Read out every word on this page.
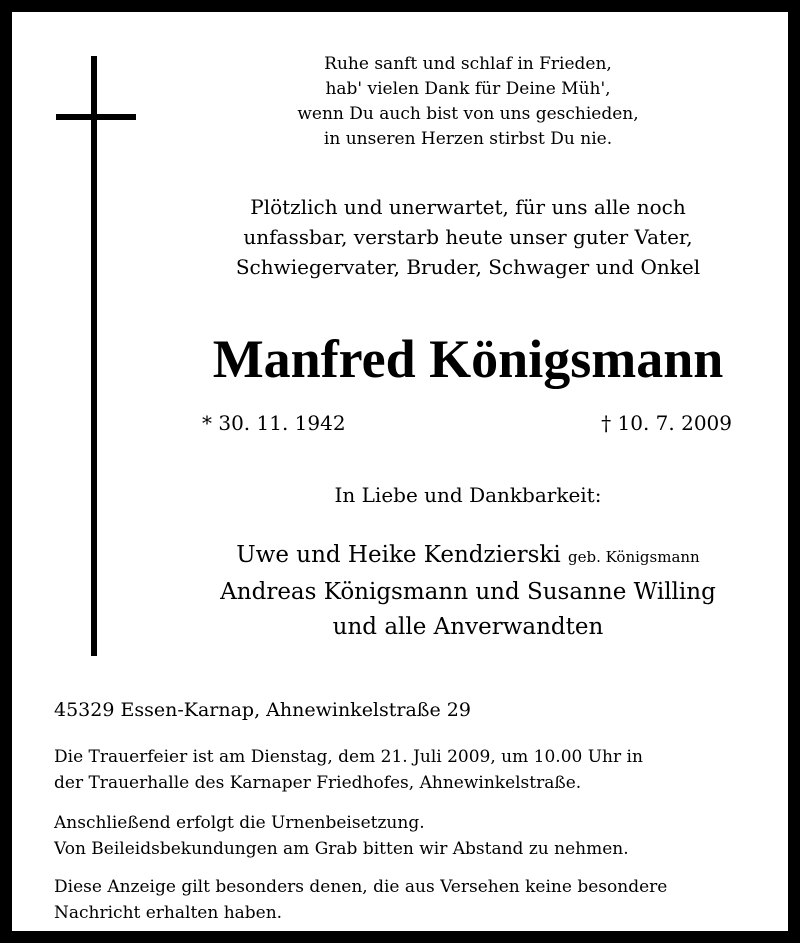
Ruhe sanft und schlaf in Frieden,
hab' vielen Dank für Deine Müh',
wenn Du auch bist von uns geschieden,
in unseren Herzen stirbst Du nie.
Plötzlich und unerwartet, für uns alle noch
unfassbar, verstarb heute unser guter Vater,
Schwiegervater, Bruder, Schwager und Onkel
Manfred Königsmann
* 30. 11. 1942	† 10. 7. 2009
In Liebe und Dankbarkeit:
Uwe und Heike Kendzierski geb. Königsmann
Andreas Königsmann und Susanne Willing
und alle Anverwandten
45329 Essen-Karnap, Ahnewinkelstraße 29
Die Trauerfeier ist am Dienstag, dem 21. Juli 2009, um 10.00 Uhr in
der Trauerhalle des Karnaper Friedhofes, Ahnewinkelstraße.
Anschließend erfolgt die Urnenbeisetzung.
Von Beileidsbekundungen am Grab bitten wir Abstand zu nehmen.
Diese Anzeige gilt besonders denen, die aus Versehen keine besondere
Nachricht erhalten haben.
